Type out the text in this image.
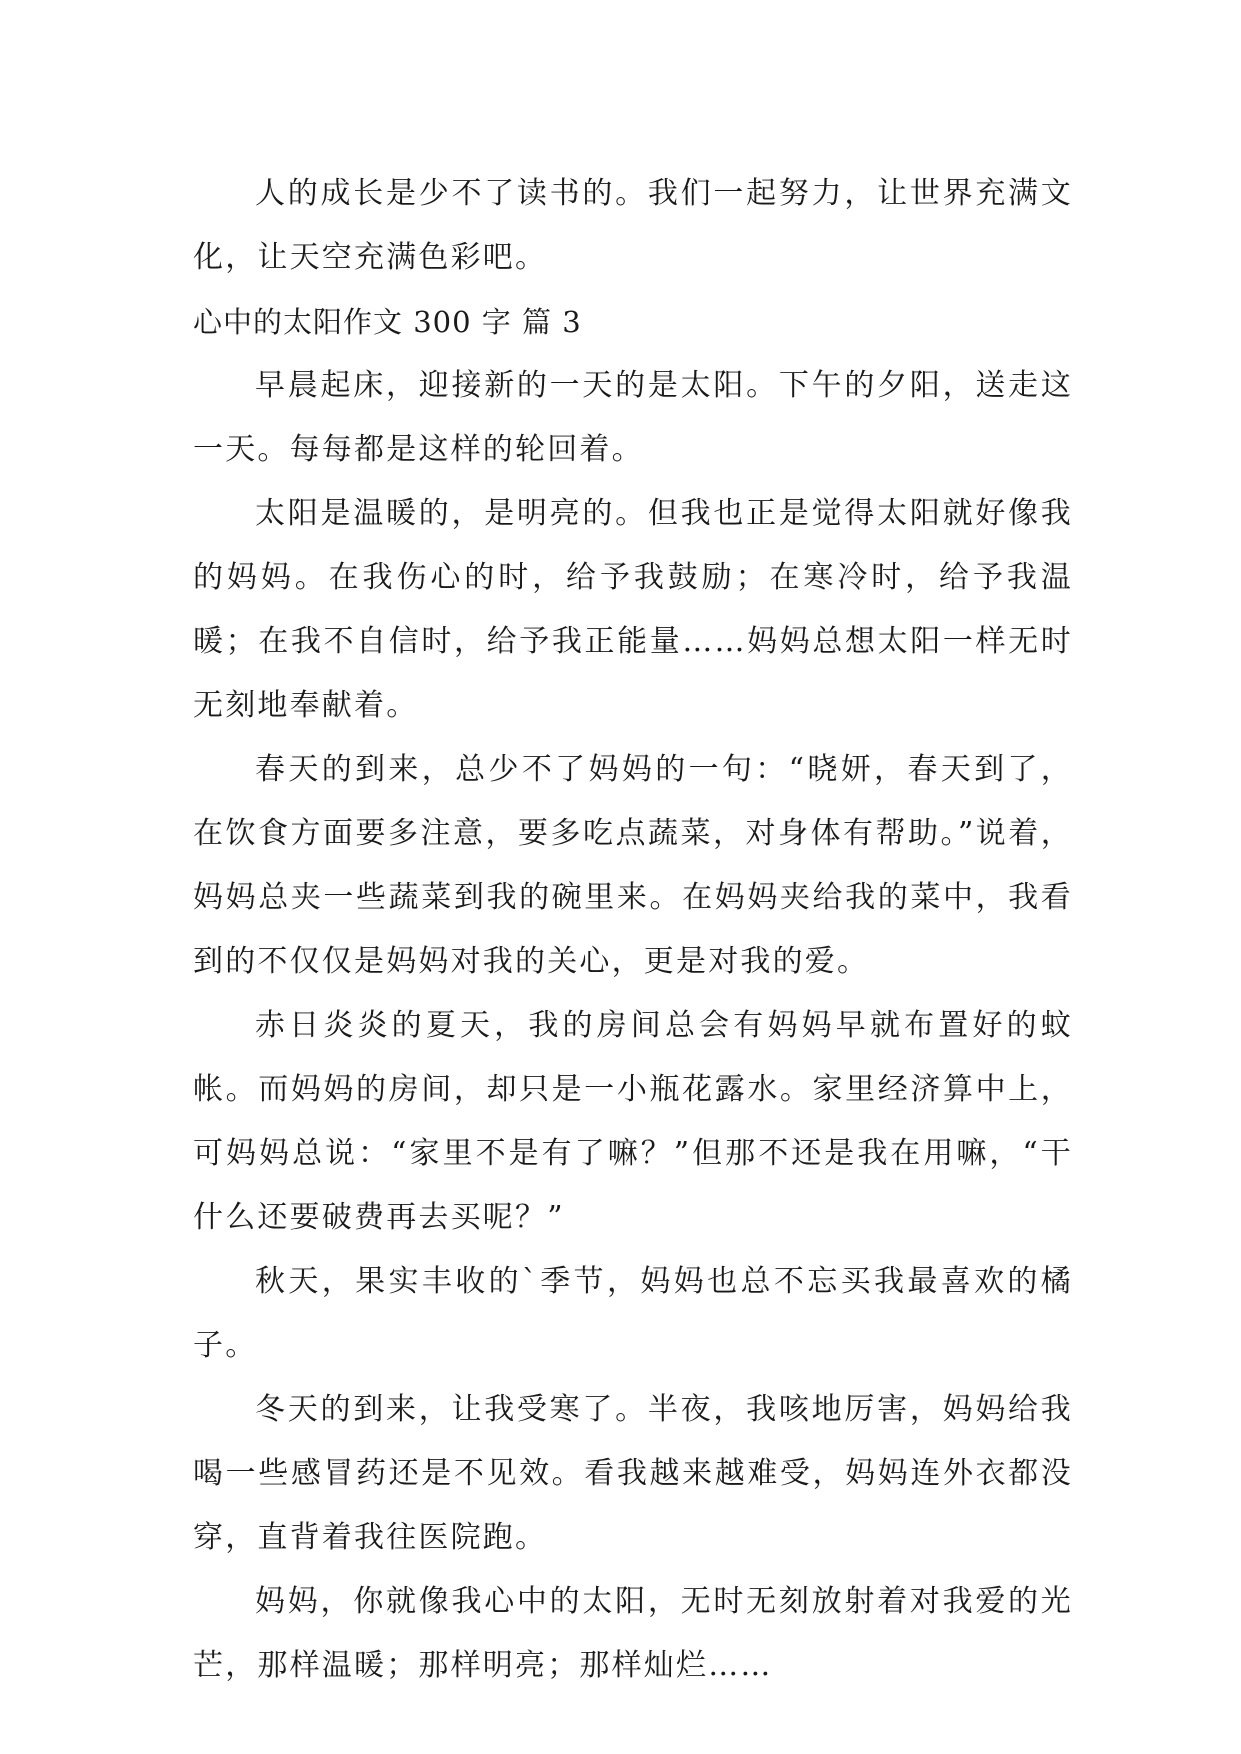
人的成长是少不了读书的。我们一起努力，让世界充满文化，让天空充满色彩吧。

心中的太阳作文 300 字 篇 3

早晨起床，迎接新的一天的是太阳。下午的夕阳，送走这一天。每每都是这样的轮回着。

太阳是温暖的，是明亮的。但我也正是觉得太阳就好像我的妈妈。在我伤心的时，给予我鼓励；在寒冷时，给予我温暖；在我不自信时，给予我正能量……妈妈总想太阳一样无时无刻地奉献着。

春天的到来，总少不了妈妈的一句：“晓妍，春天到了，在饮食方面要多注意，要多吃点蔬菜，对身体有帮助。”说着，妈妈总夹一些蔬菜到我的碗里来。在妈妈夹给我的菜中，我看到的不仅仅是妈妈对我的关心，更是对我的爱。

赤日炎炎的夏天，我的房间总会有妈妈早就布置好的蚊帐。而妈妈的房间，却只是一小瓶花露水。家里经济算中上，可妈妈总说：“家里不是有了嘛？”但那不还是我在用嘛，“干什么还要破费再去买呢？”

秋天，果实丰收的`季节，妈妈也总不忘买我最喜欢的橘子。

冬天的到来，让我受寒了。半夜，我咳地厉害，妈妈给我喝一些感冒药还是不见效。看我越来越难受，妈妈连外衣都没穿，直背着我往医院跑。

妈妈，你就像我心中的太阳，无时无刻放射着对我爱的光芒，那样温暖；那样明亮；那样灿烂……
